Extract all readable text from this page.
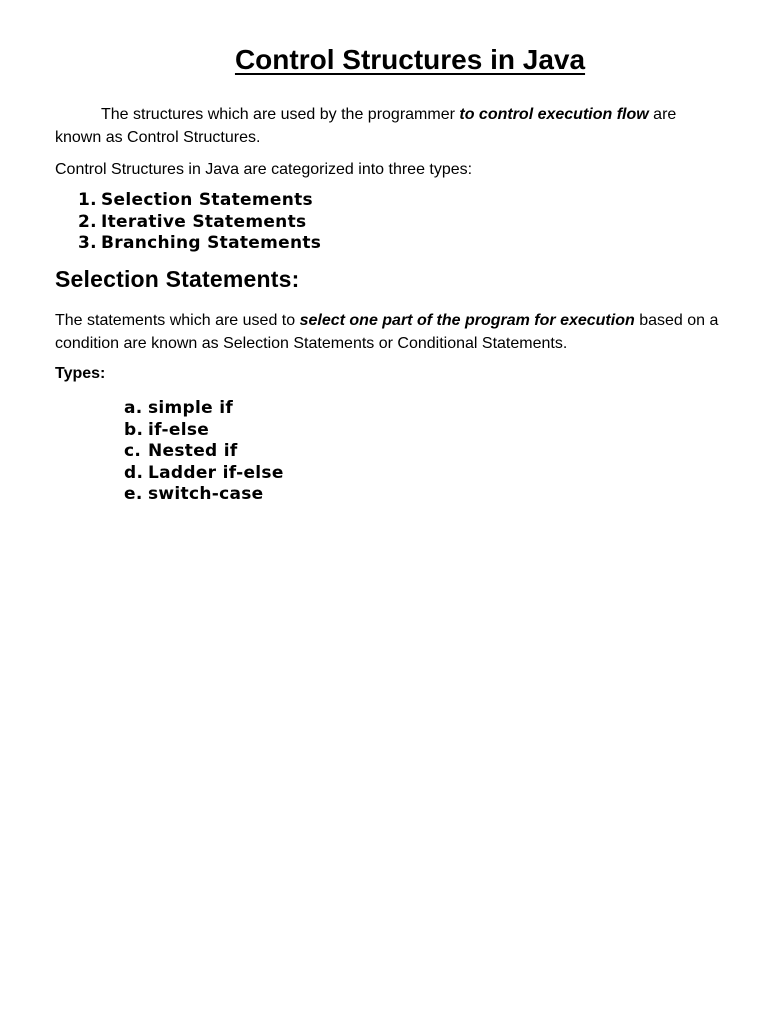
Control Structures in Java

The structures which are used by the programmer to control execution flow are known as Control Structures.

Control Structures in Java are categorized into three types:

1. Selection Statements
2. Iterative Statements
3. Branching Statements
Selection Statements:

The statements which are used to select one part of the program for execution based on a condition are known as Selection Statements or Conditional Statements.

Types:

a. simple if
b. if-else
c. Nested if
d. Ladder if-else
e. switch-case
